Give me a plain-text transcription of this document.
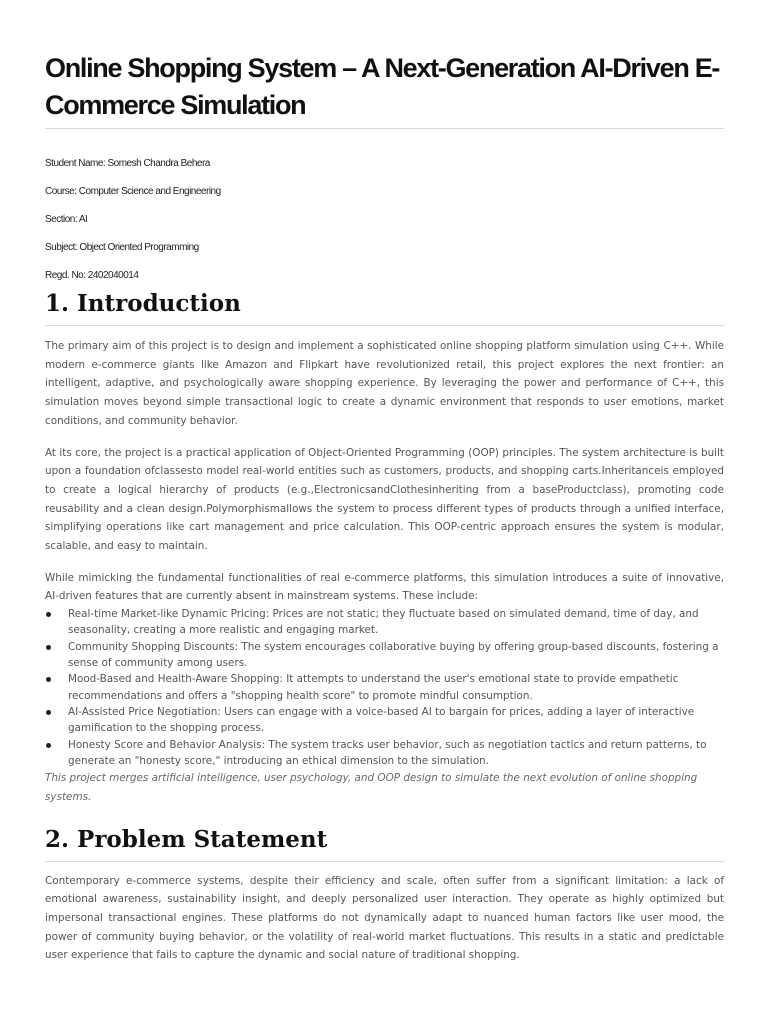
Online Shopping System – A Next-Generation AI-Driven E-Commerce Simulation
Student Name: Somesh Chandra Behera
Course: Computer Science and Engineering
Section: AI
Subject: Object Oriented Programming
Regd. No: 2402040014
1. Introduction

The primary aim of this project is to design and implement a sophisticated online shopping platform simulation using C++. While modern e-commerce giants like Amazon and Flipkart have revolutionized retail, this project explores the next frontier: an intelligent, adaptive, and psychologically aware shopping experience. By leveraging the power and performance of C++, this simulation moves beyond simple transactional logic to create a dynamic environment that responds to user emotions, market conditions, and community behavior.

At its core, the project is a practical application of Object-Oriented Programming (OOP) principles. The system architecture is built upon a foundation ofclassesto model real-world entities such as customers, products, and shopping carts.Inheritanceis employed to create a logical hierarchy of products (e.g.,ElectronicsandClothesinheriting from a baseProductclass), promoting code reusability and a clean design.Polymorphismallows the system to process different types of products through a unified interface, simplifying operations like cart management and price calculation. This OOP-centric approach ensures the system is modular, scalable, and easy to maintain.

While mimicking the fundamental functionalities of real e-commerce platforms, this simulation introduces a suite of innovative, AI-driven features that are currently absent in mainstream systems. These include:

Real-time Market-like Dynamic Pricing: Prices are not static; they fluctuate based on simulated demand, time of day, and seasonality, creating a more realistic and engaging market.
Community Shopping Discounts: The system encourages collaborative buying by offering group-based discounts, fostering a sense of community among users.
Mood-Based and Health-Aware Shopping: It attempts to understand the user's emotional state to provide empathetic recommendations and offers a "shopping health score" to promote mindful consumption.
AI-Assisted Price Negotiation: Users can engage with a voice-based AI to bargain for prices, adding a layer of interactive gamification to the shopping process.
Honesty Score and Behavior Analysis: The system tracks user behavior, such as negotiation tactics and return patterns, to generate an "honesty score," introducing an ethical dimension to the simulation.

This project merges artificial intelligence, user psychology, and OOP design to simulate the next evolution of online shopping systems.

2. Problem Statement

Contemporary e-commerce systems, despite their efficiency and scale, often suffer from a significant limitation: a lack of emotional awareness, sustainability insight, and deeply personalized user interaction. They operate as highly optimized but impersonal transactional engines. These platforms do not dynamically adapt to nuanced human factors like user mood, the power of community buying behavior, or the volatility of real-world market fluctuations. This results in a static and predictable user experience that fails to capture the dynamic and social nature of traditional shopping.
